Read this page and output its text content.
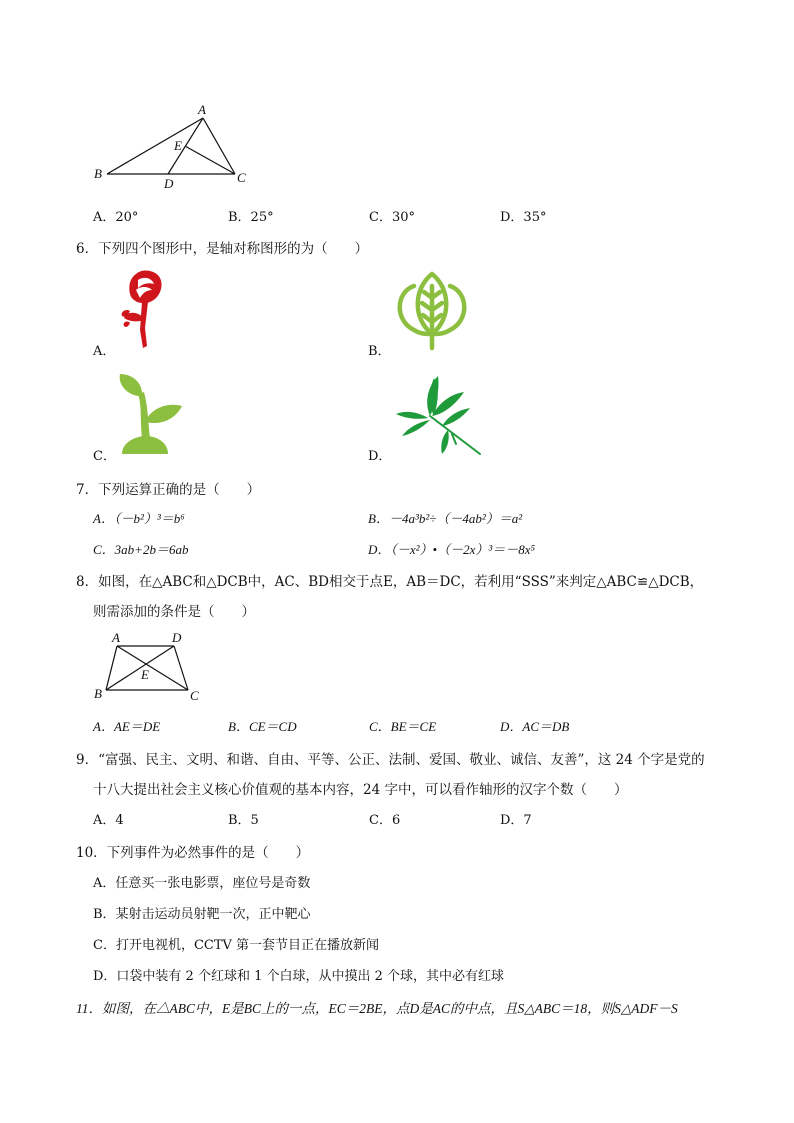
A
E
B
D	C
A．20°	B．25°	C．30°	D．35°
6．下列四个图形中，是轴对称图形的为（　　）
A．	B．
C．	D．
7．下列运算正确的是（　　）
A．（－b²）³＝b⁶	B．－4a³b²÷（－4ab²）＝a²
C．3ab+2b＝6ab	D．（－x²）•（－2x）³＝－8x⁵
8．如图，在△ABC和△DCB中，AC、BD相交于点E，AB＝DC，若利用“SSS”来判定△ABC≌△DCB，
则需添加的条件是（　　）
A	D
E
B	C
A．AE＝DE	B．CE＝CD	C．BE＝CE	D．AC＝DB
9．“富强、民主、文明、和谐、自由、平等、公正、法制、爱国、敬业、诚信、友善”，这 24 个字是党的
十八大提出社会主义核心价值观的基本内容，24 字中，可以看作轴形的汉字个数（　　）
A．4	B．5	C．6	D．7
10．下列事件为必然事件的是（　　）
A．任意买一张电影票，座位号是奇数
B．某射击运动员射靶一次，正中靶心
C．打开电视机，CCTV 第一套节目正在播放新闻
D．口袋中装有 2 个红球和 1 个白球，从中摸出 2 个球，其中必有红球
11．如图，在△ABC中，E是BC上的一点，EC＝2BE，点D是AC的中点，且S△ABC＝18，则S△ADF－S
